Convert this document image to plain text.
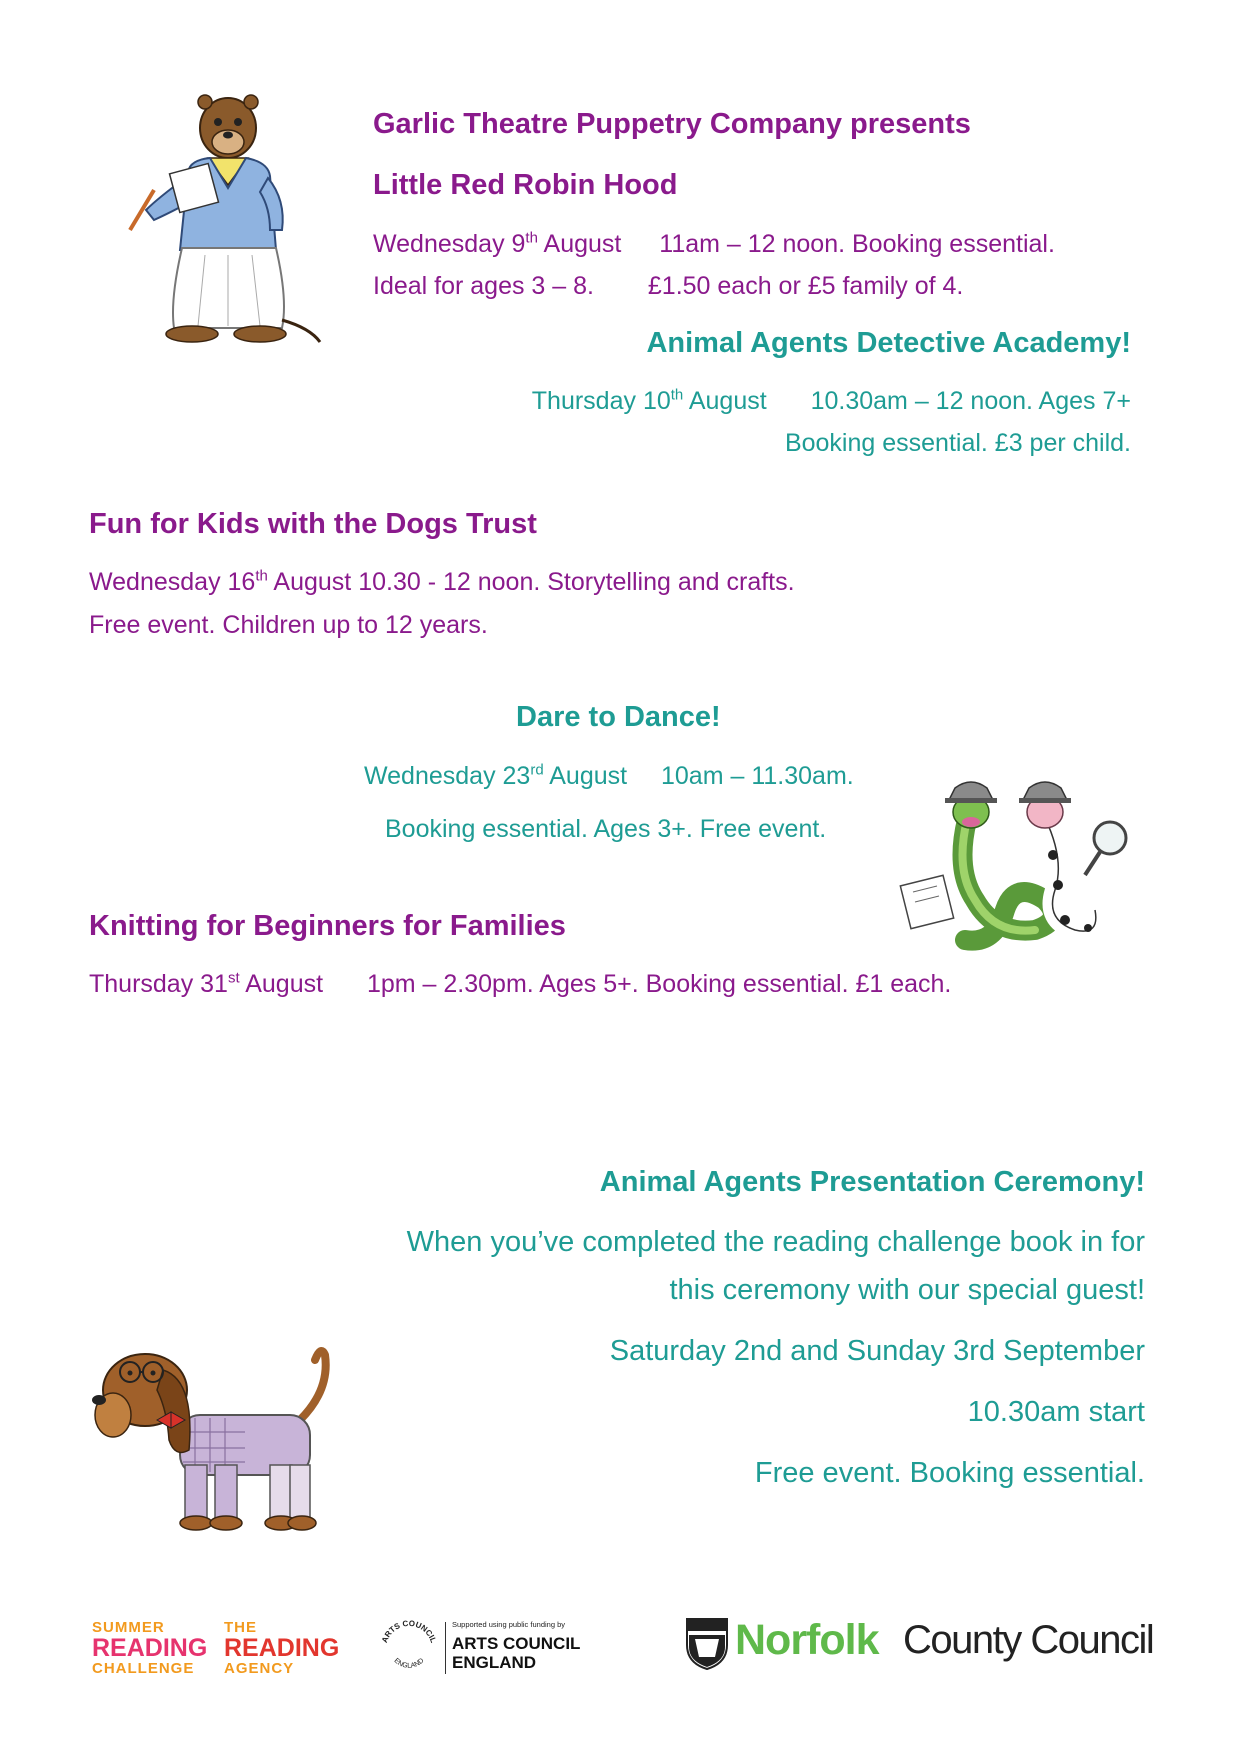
Garlic Theatre Puppetry Company presents
Little Red Robin Hood
Wednesday 9th August 11am – 12 noon. Booking essential.
Ideal for ages 3 – 8. £1.50 each or £5 family of 4.
Animal Agents Detective Academy!
Thursday 10th August 10.30am – 12 noon. Ages 7+
Booking essential. £3 per child.
Fun for Kids with the Dogs Trust
Wednesday 16th August 10.30 - 12 noon. Storytelling and crafts.
Free event. Children up to 12 years.
Dare to Dance!
Wednesday 23rd August 10am – 11.30am.
Booking essential. Ages 3+. Free event.
Knitting for Beginners for Families
Thursday 31st August 1pm – 2.30pm. Ages 5+. Booking essential. £1 each.
Animal Agents Presentation Ceremony!
When you’ve completed the reading challenge book in for
this ceremony with our special guest!
Saturday 2nd and Sunday 3rd September
10.30am start
Free event. Booking essential.
SUMMER
READING
CHALLENGE
THE
READING
AGENCY
ARTS COUNCIL
ENGLAND
Supported using public funding by
ARTS COUNCIL
ENGLAND	Norfolk County Council
